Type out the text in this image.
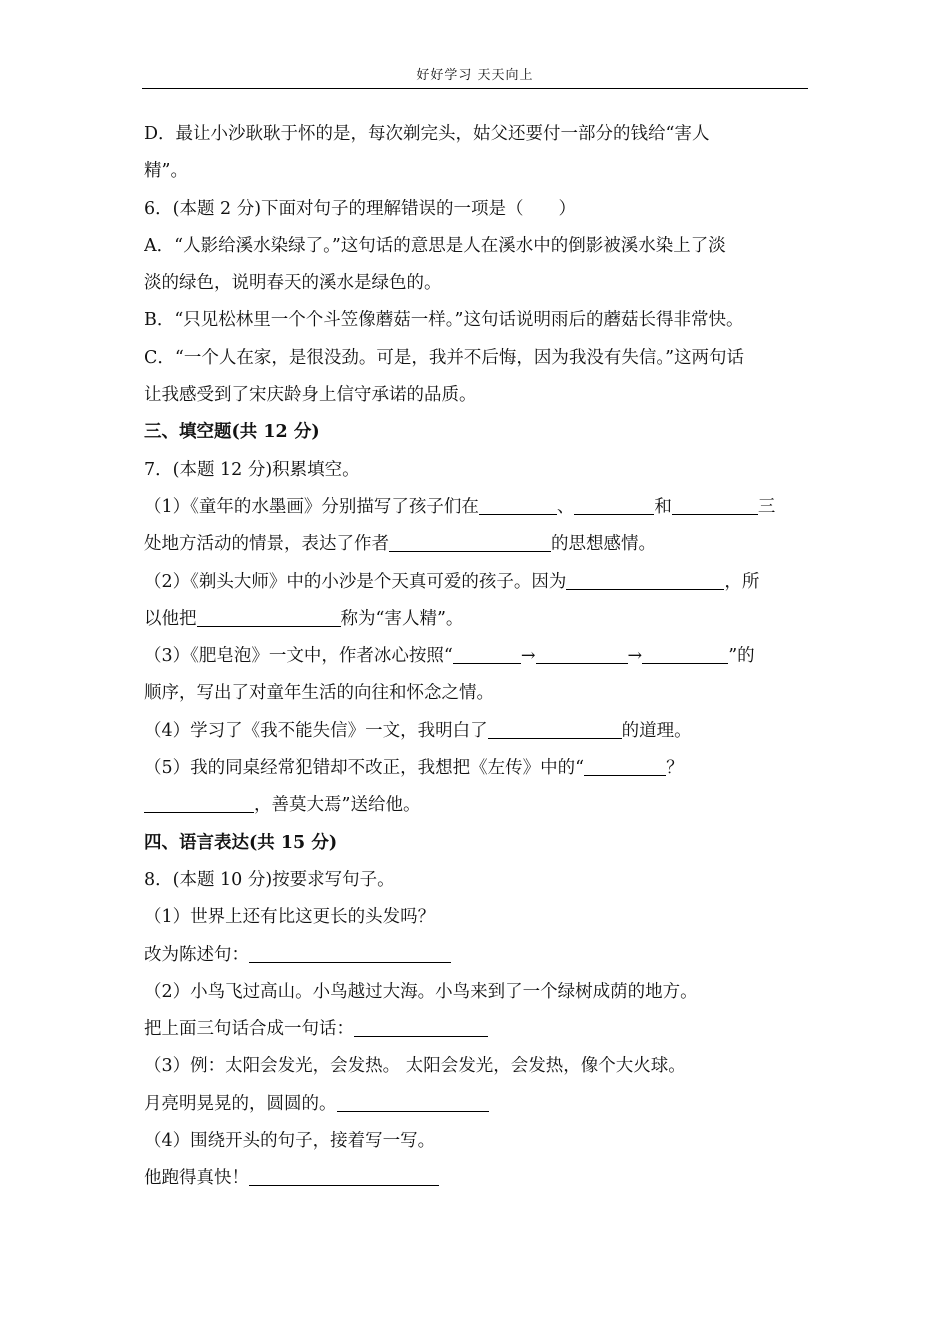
好好学习 天天向上
D．最让小沙耿耿于怀的是，每次剃完头，姑父还要付一部分的钱给“害人
精”。
6．(本题 2 分)下面对句子的理解错误的一项是（　　）
A．“人影给溪水染绿了。”这句话的意思是人在溪水中的倒影被溪水染上了淡
淡的绿色，说明春天的溪水是绿色的。
B．“只见松林里一个个斗笠像蘑菇一样。”这句话说明雨后的蘑菇长得非常快。
C．“一个人在家，是很没劲。可是，我并不后悔，因为我没有失信。”这两句话
让我感受到了宋庆龄身上信守承诺的品质。
三、填空题(共 12 分)
7．(本题 12 分)积累填空。
（1）《童年的水墨画》分别描写了孩子们在	、	和	三
处地方活动的情景，表达了作者	的思想感情。
（2）《剃头大师》中的小沙是个天真可爱的孩子。因为	，所
以他把	称为“害人精”。
（3）《肥皂泡》一文中，作者冰心按照“	→	→	”的
顺序，写出了对童年生活的向往和怀念之情。
（4）学习了《我不能失信》一文，我明白了	的道理。
（5）我的同桌经常犯错却不改正，我想把《左传》中的“	？
，善莫大焉”送给他。
四、语言表达(共 15 分)
8．(本题 10 分)按要求写句子。
（1）世界上还有比这更长的头发吗？
改为陈述句：
（2）小鸟飞过高山。小鸟越过大海。小鸟来到了一个绿树成荫的地方。
把上面三句话合成一句话：
（3）例：太阳会发光，会发热。 太阳会发光，会发热，像个大火球。
月亮明晃晃的，圆圆的。
（4）围绕开头的句子，接着写一写。
他跑得真快！
